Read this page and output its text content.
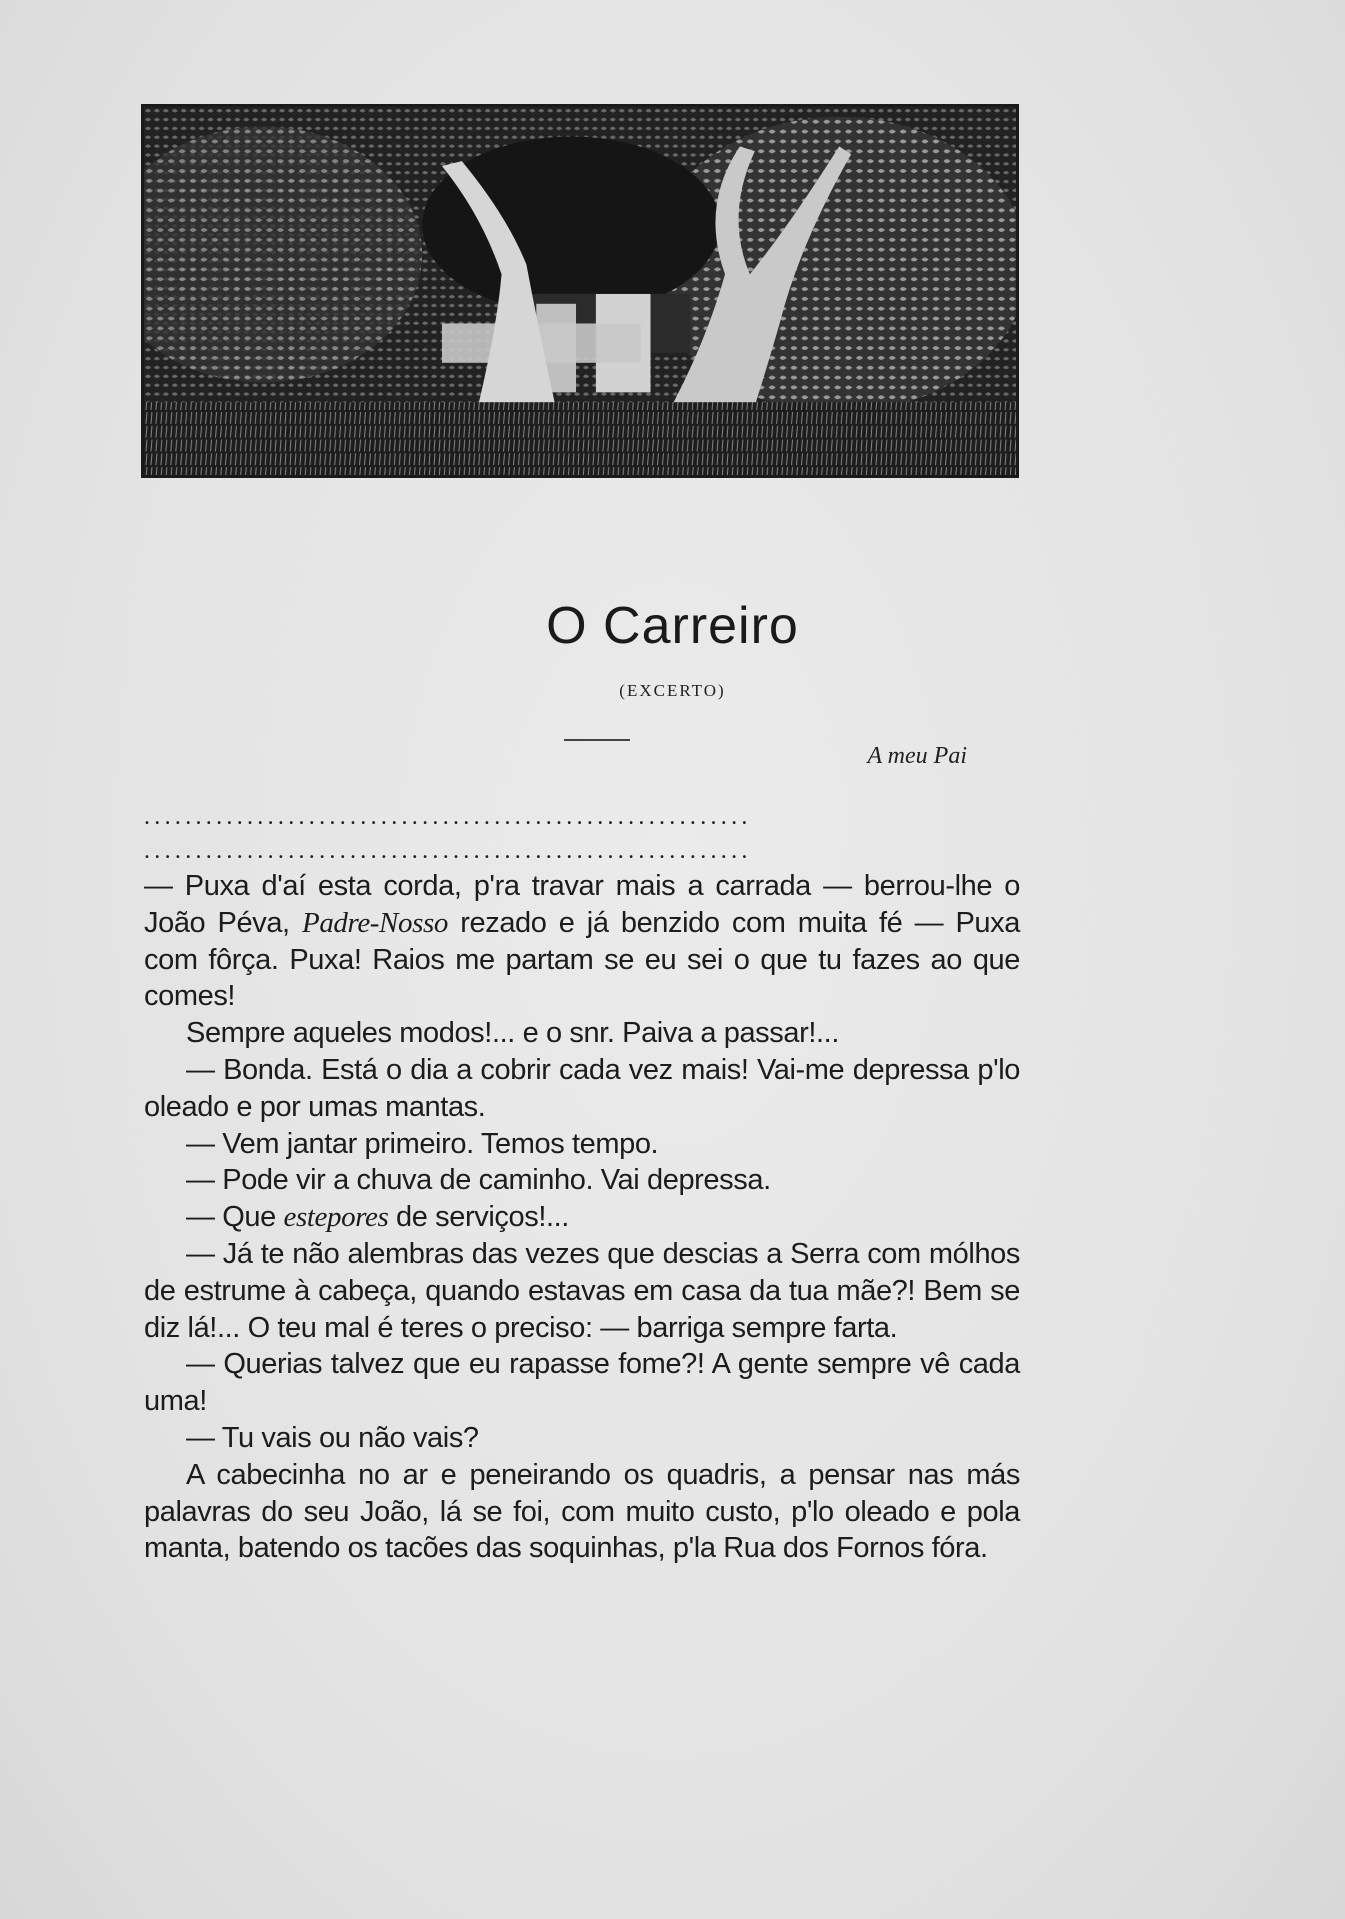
O Carreiro
(EXCERTO)
A meu Pai
...........................................................
...........................................................

— Puxa d'aí esta corda, p'ra travar mais a carrada — berrou-lhe o João Péva, Padre-Nosso rezado e já benzido com muita fé — Puxa com fôrça. Puxa! Raios me partam se eu sei o que tu fazes ao que comes!

Sempre aqueles modos!... e o snr. Paiva a passar!...

— Bonda. Está o dia a cobrir cada vez mais! Vai-me depressa p'lo oleado e por umas mantas.

— Vem jantar primeiro. Temos tempo.

— Pode vir a chuva de caminho. Vai depressa.

— Que estepores de serviços!...

— Já te não alembras das vezes que descias a Serra com mólhos de estrume à cabeça, quando estavas em casa da tua mãe?! Bem se diz lá!... O teu mal é teres o preciso: — barriga sempre farta.

— Querias talvez que eu rapasse fome?! A gente sempre vê cada uma!

— Tu vais ou não vais?

A cabecinha no ar e peneirando os quadris, a pensar nas más palavras do seu João, lá se foi, com muito custo, p'lo oleado e pola manta, batendo os tacões das soquinhas, p'la Rua dos Fornos fóra.
